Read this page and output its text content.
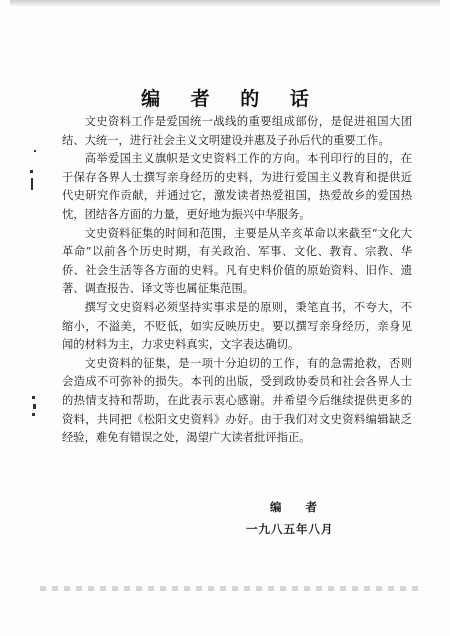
编 者 的 话

文史资料工作是爱国统一战线的重要组成部份，是促进祖国大团结、大统一，进行社会主义文明建设并惠及子孙后代的重要工作。

高举爱国主义旗帜是文史资料工作的方向。本刊印行的目的，在于保存各界人士撰写亲身经历的史料，为进行爱国主义教育和提供近代史研究作贡献，并通过它，激发读者热爱祖国，热爱故乡的爱国热忱，团结各方面的力量，更好地为振兴中华服务。

文史资料征集的时间和范围，主要是从辛亥革命以来截至“文化大革命”以前各个历史时期，有关政治、军事、文化、教育、宗教、华侨、社会生活等各方面的史料。凡有史料价值的原始资料、旧作、遗著、调查报告、译文等也属征集范围。

撰写文史资料必须坚持实事求是的原则，秉笔直书，不夸大，不缩小，不溢美，不贬低，如实反映历史。要以撰写亲身经历，亲身见闻的材料为主，力求史料真实，文字表达确切。

文史资料的征集，是一项十分迫切的工作，有的急需抢救，否则会造成不可弥补的损失。本刊的出版，受到政协委员和社会各界人士的热情支持和帮助，在此表示衷心感谢。并希望今后继续提供更多的资料，共同把《松阳文史资料》办好。由于我们对文史资料编辑缺乏经验，难免有错误之处，渴望广大读者批评指正。

编 者
一九八五年八月
